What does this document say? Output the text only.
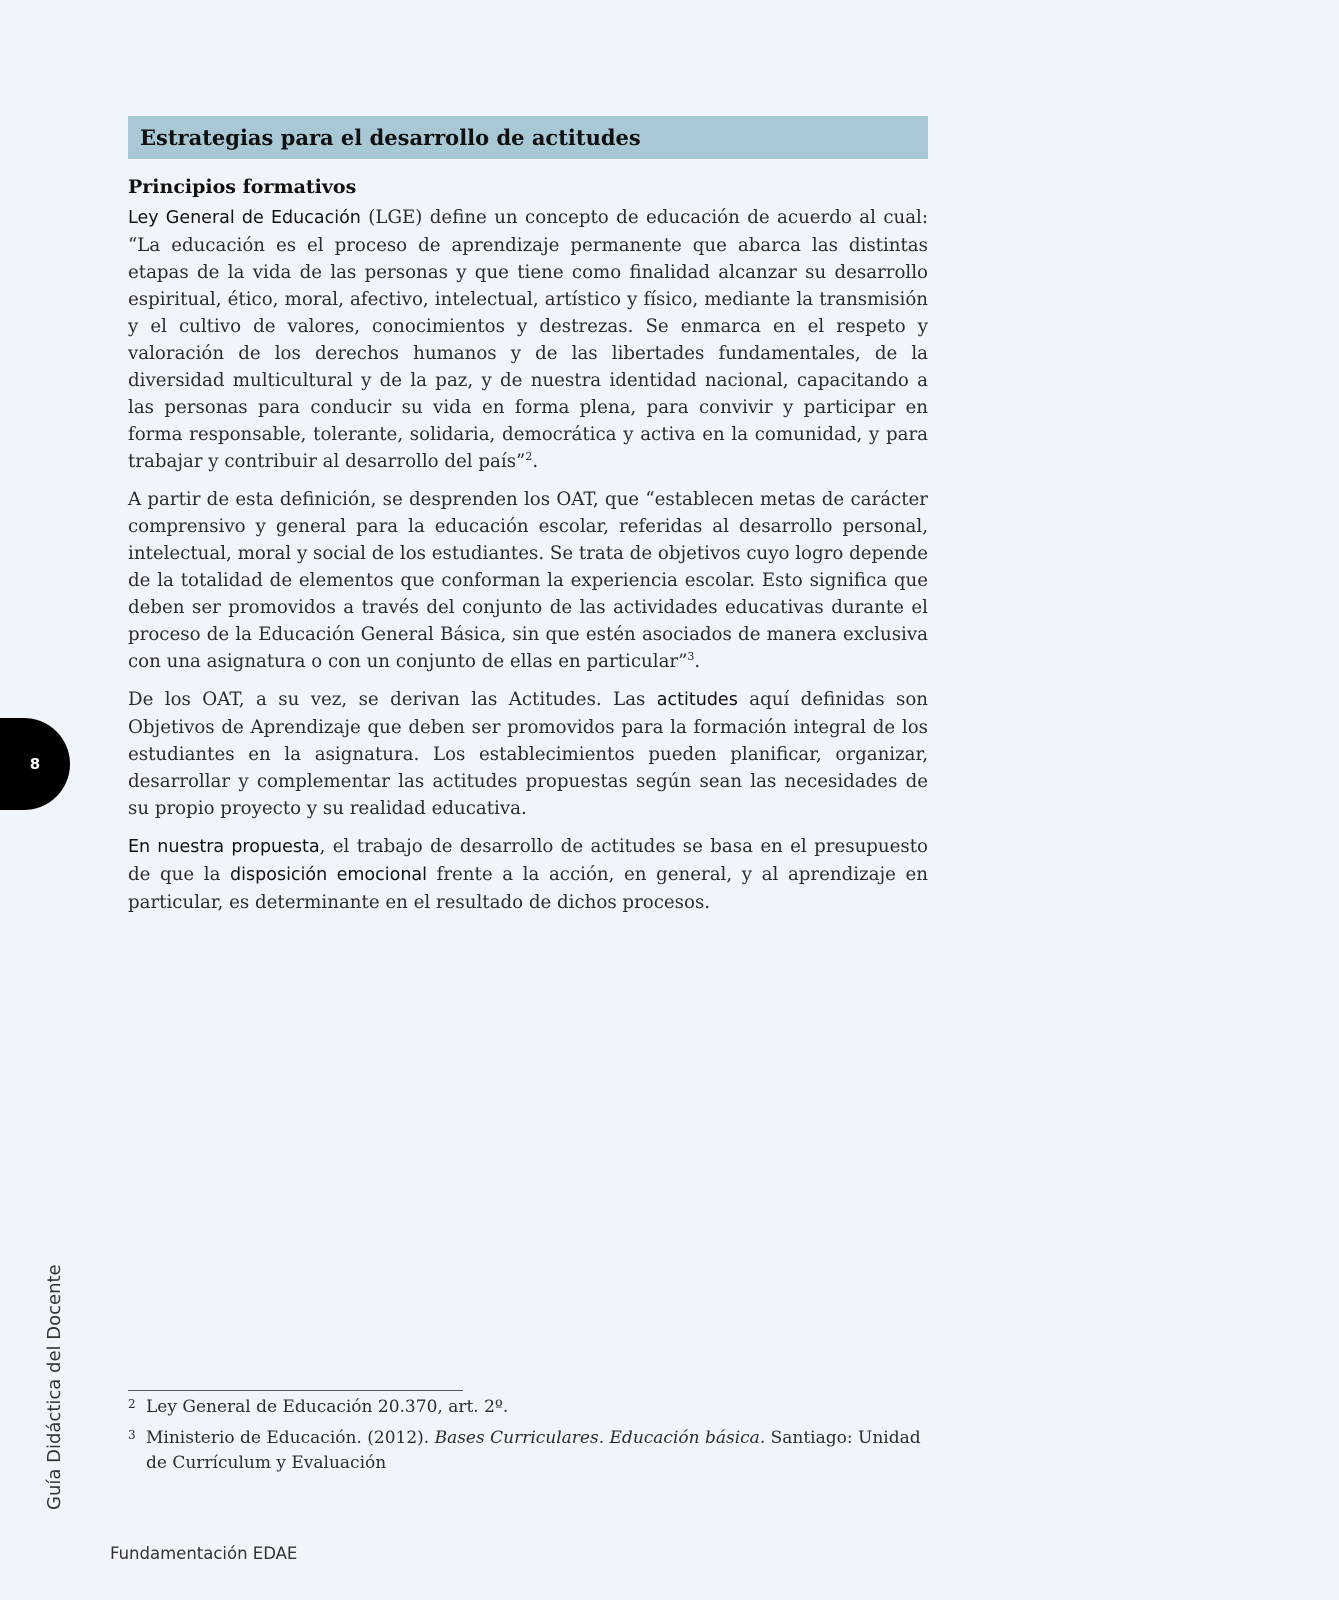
Estrategias para el desarrollo de actitudes

Principios formativos

Ley General de Educación (LGE) define un concepto de educación de acuerdo al cual: “La educación es el proceso de aprendizaje permanente que abarca las distintas etapas de la vida de las personas y que tiene como finalidad alcanzar su desarrollo espiritual, ético, moral, afectivo, intelectual, artístico y físico, mediante la transmisión y el cultivo de valores, conocimientos y destrezas. Se enmarca en el respeto y valoración de los derechos humanos y de las libertades fundamentales, de la diversidad multicultural y de la paz, y de nuestra identidad nacional, capacitando a las personas para conducir su vida en forma plena, para convivir y participar en forma responsable, tolerante, solidaria, democrática y activa en la comunidad, y para trabajar y contribuir al desarrollo del país”$^2$.

A partir de esta definición, se desprenden los OAT, que “establecen metas de carácter comprensivo y general para la educación escolar, referidas al desarrollo personal, intelectual, moral y social de los estudiantes. Se trata de objetivos cuyo logro depende de la totalidad de elementos que conforman la experiencia escolar. Esto significa que deben ser promovidos a través del conjunto de las actividades educativas durante el proceso de la Educación General Básica, sin que estén asociados de manera exclusiva con una asignatura o con un conjunto de ellas en particular”$^3$.

De los OAT, a su vez, se derivan las Actitudes. Las actitudes aquí definidas son Objetivos de Aprendizaje que deben ser promovidos para la formación integral de los estudiantes en la asignatura. Los establecimientos pueden planificar, organizar, desarrollar y complementar las actitudes propuestas según sean las necesidades de su propio proyecto y su realidad educativa.

En nuestra propuesta, el trabajo de desarrollo de actitudes se basa en el presupuesto de que la disposición emocional frente a la acción, en general, y al aprendizaje en particular, es determinante en el resultado de dichos procesos.

8
Guía Didáctica del Docente	2 Ley General de Educación 20.370, art. 2º.
3 Ministerio de Educación. (2012). Bases Curriculares. Educación básica. Santiago: Unidad de Currículum y Evaluación
Fundamentación EDAE
